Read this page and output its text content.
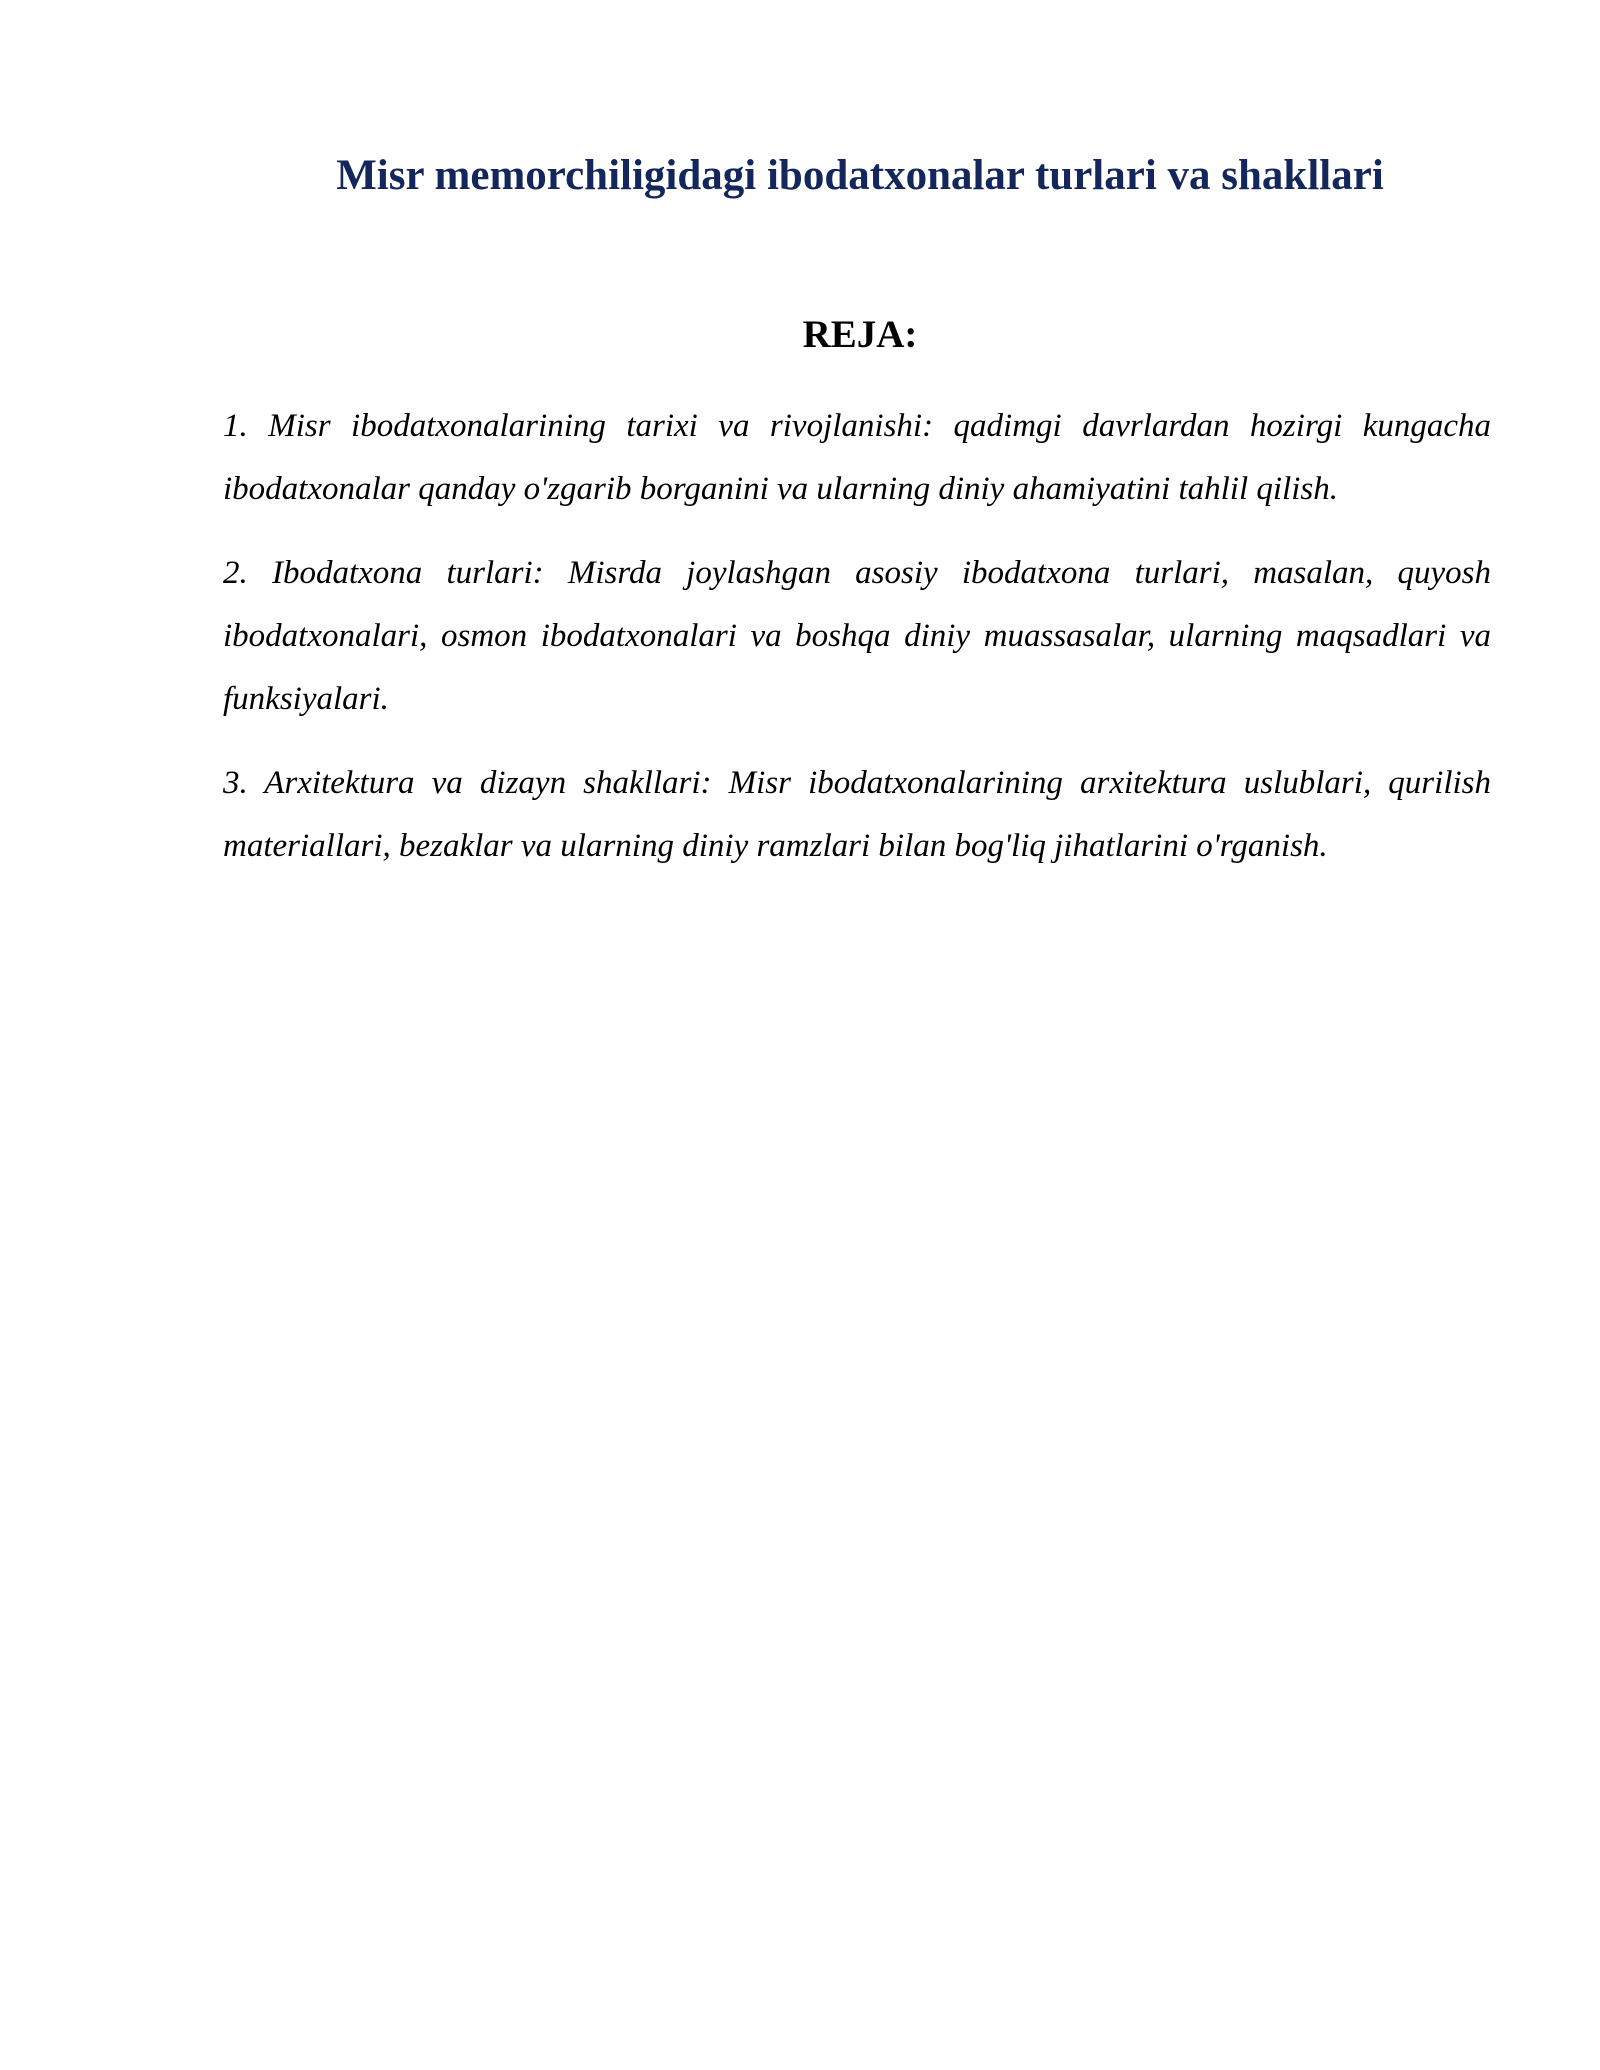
Misr memorchiligidagi ibodatxonalar turlari va shakllari
REJA:
1. Misr ibodatxonalarining tarixi va rivojlanishi: qadimgi davrlardan hozirgi kungacha ibodatxonalar qanday o'zgarib borganini va ularning diniy ahamiyatini tahlil qilish.
2. Ibodatxona turlari: Misrda joylashgan asosiy ibodatxona turlari, masalan, quyosh ibodatxonalari, osmon ibodatxonalari va boshqa diniy muassasalar, ularning maqsadlari va funksiyalari.
3. Arxitektura va dizayn shakllari: Misr ibodatxonalarining arxitektura uslublari, qurilish materiallari, bezaklar va ularning diniy ramzlari bilan bog'liq jihatlarini o'rganish.
